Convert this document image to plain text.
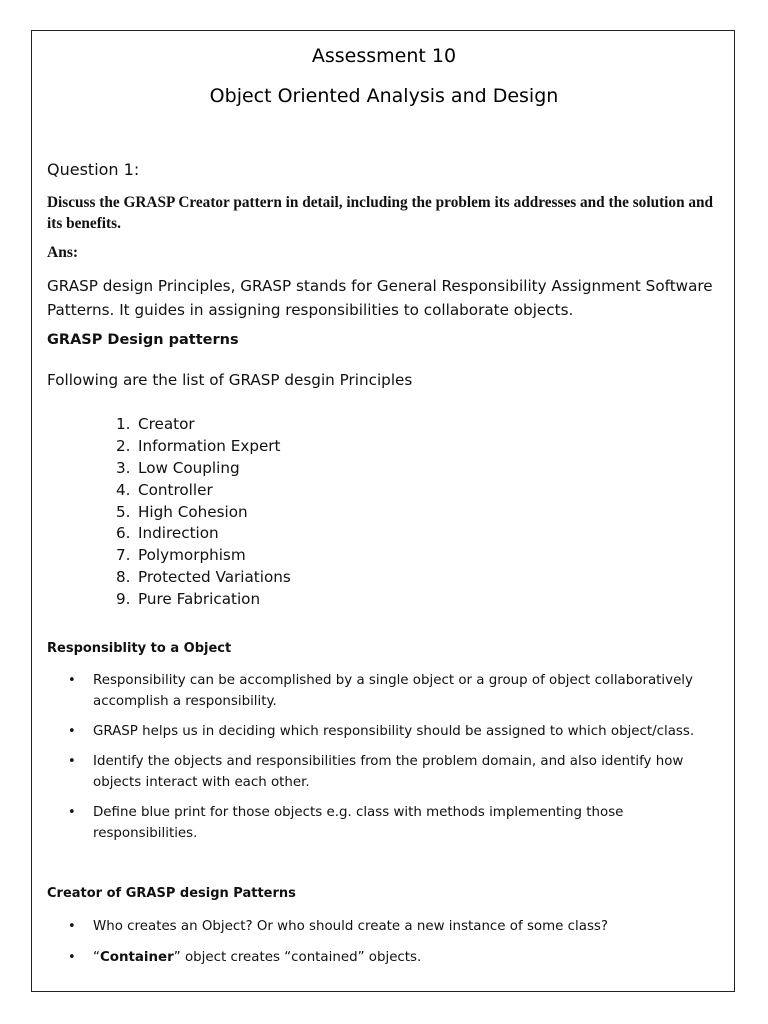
Assessment 10
Object Oriented Analysis and Design
Question 1:
Discuss the GRASP Creator pattern in detail, including the problem its addresses and the solution and its benefits.
Ans:
GRASP design Principles, GRASP stands for General Responsibility Assignment Software Patterns. It guides in assigning responsibilities to collaborate objects.
GRASP Design patterns
Following are the list of GRASP desgin Principles
1. Creator
2. Information Expert
3. Low Coupling
4. Controller
5. High Cohesion
6. Indirection
7. Polymorphism
8. Protected Variations
9. Pure Fabrication
Responsiblity to a Object
• Responsibility can be accomplished by a single object or a group of object collaboratively accomplish a responsibility.
• GRASP helps us in deciding which responsibility should be assigned to which object/class.
• Identify the objects and responsibilities from the problem domain, and also identify how objects interact with each other.
• Define blue print for those objects e.g. class with methods implementing those responsibilities.
Creator of GRASP design Patterns
• Who creates an Object? Or who should create a new instance of some class?
• “Container” object creates “contained” objects.
